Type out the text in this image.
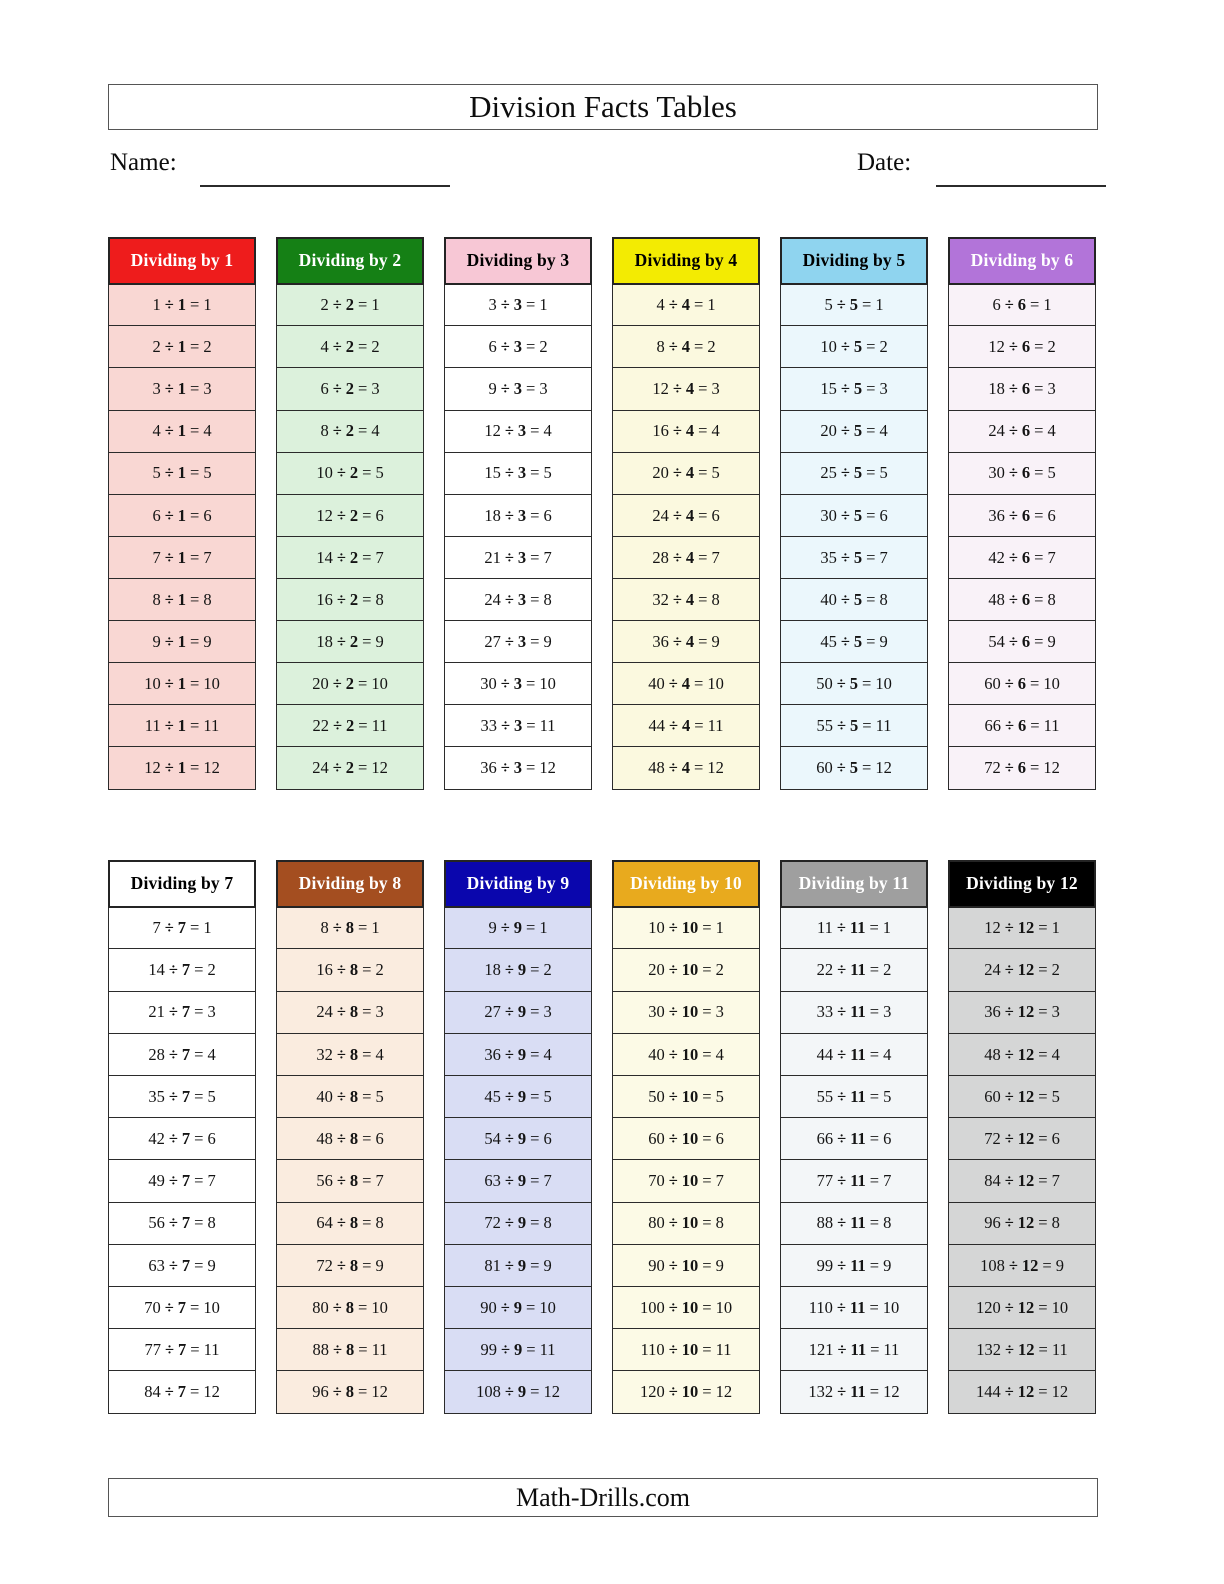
Division Facts Tables
Name:	Date:
Dividing by 1
1 ÷ 1 = 1
2 ÷ 1 = 2
3 ÷ 1 = 3
4 ÷ 1 = 4
5 ÷ 1 = 5
6 ÷ 1 = 6
7 ÷ 1 = 7
8 ÷ 1 = 8
9 ÷ 1 = 9
10 ÷ 1 = 10
11 ÷ 1 = 11
12 ÷ 1 = 12
Dividing by 2
2 ÷ 2 = 1
4 ÷ 2 = 2
6 ÷ 2 = 3
8 ÷ 2 = 4
10 ÷ 2 = 5
12 ÷ 2 = 6
14 ÷ 2 = 7
16 ÷ 2 = 8
18 ÷ 2 = 9
20 ÷ 2 = 10
22 ÷ 2 = 11
24 ÷ 2 = 12
Dividing by 3
3 ÷ 3 = 1
6 ÷ 3 = 2
9 ÷ 3 = 3
12 ÷ 3 = 4
15 ÷ 3 = 5
18 ÷ 3 = 6
21 ÷ 3 = 7
24 ÷ 3 = 8
27 ÷ 3 = 9
30 ÷ 3 = 10
33 ÷ 3 = 11
36 ÷ 3 = 12
Dividing by 4
4 ÷ 4 = 1
8 ÷ 4 = 2
12 ÷ 4 = 3
16 ÷ 4 = 4
20 ÷ 4 = 5
24 ÷ 4 = 6
28 ÷ 4 = 7
32 ÷ 4 = 8
36 ÷ 4 = 9
40 ÷ 4 = 10
44 ÷ 4 = 11
48 ÷ 4 = 12
Dividing by 5
5 ÷ 5 = 1
10 ÷ 5 = 2
15 ÷ 5 = 3
20 ÷ 5 = 4
25 ÷ 5 = 5
30 ÷ 5 = 6
35 ÷ 5 = 7
40 ÷ 5 = 8
45 ÷ 5 = 9
50 ÷ 5 = 10
55 ÷ 5 = 11
60 ÷ 5 = 12
Dividing by 6
6 ÷ 6 = 1
12 ÷ 6 = 2
18 ÷ 6 = 3
24 ÷ 6 = 4
30 ÷ 6 = 5
36 ÷ 6 = 6
42 ÷ 6 = 7
48 ÷ 6 = 8
54 ÷ 6 = 9
60 ÷ 6 = 10
66 ÷ 6 = 11
72 ÷ 6 = 12
Dividing by 7
7 ÷ 7 = 1
14 ÷ 7 = 2
21 ÷ 7 = 3
28 ÷ 7 = 4
35 ÷ 7 = 5
42 ÷ 7 = 6
49 ÷ 7 = 7
56 ÷ 7 = 8
63 ÷ 7 = 9
70 ÷ 7 = 10
77 ÷ 7 = 11
84 ÷ 7 = 12
Dividing by 8
8 ÷ 8 = 1
16 ÷ 8 = 2
24 ÷ 8 = 3
32 ÷ 8 = 4
40 ÷ 8 = 5
48 ÷ 8 = 6
56 ÷ 8 = 7
64 ÷ 8 = 8
72 ÷ 8 = 9
80 ÷ 8 = 10
88 ÷ 8 = 11
96 ÷ 8 = 12
Dividing by 9
9 ÷ 9 = 1
18 ÷ 9 = 2
27 ÷ 9 = 3
36 ÷ 9 = 4
45 ÷ 9 = 5
54 ÷ 9 = 6
63 ÷ 9 = 7
72 ÷ 9 = 8
81 ÷ 9 = 9
90 ÷ 9 = 10
99 ÷ 9 = 11
108 ÷ 9 = 12
Dividing by 10
10 ÷ 10 = 1
20 ÷ 10 = 2
30 ÷ 10 = 3
40 ÷ 10 = 4
50 ÷ 10 = 5
60 ÷ 10 = 6
70 ÷ 10 = 7
80 ÷ 10 = 8
90 ÷ 10 = 9
100 ÷ 10 = 10
110 ÷ 10 = 11
120 ÷ 10 = 12
Dividing by 11
11 ÷ 11 = 1
22 ÷ 11 = 2
33 ÷ 11 = 3
44 ÷ 11 = 4
55 ÷ 11 = 5
66 ÷ 11 = 6
77 ÷ 11 = 7
88 ÷ 11 = 8
99 ÷ 11 = 9
110 ÷ 11 = 10
121 ÷ 11 = 11
132 ÷ 11 = 12
Dividing by 12
12 ÷ 12 = 1
24 ÷ 12 = 2
36 ÷ 12 = 3
48 ÷ 12 = 4
60 ÷ 12 = 5
72 ÷ 12 = 6
84 ÷ 12 = 7
96 ÷ 12 = 8
108 ÷ 12 = 9
120 ÷ 12 = 10
132 ÷ 12 = 11
144 ÷ 12 = 12
Math-Drills.com
